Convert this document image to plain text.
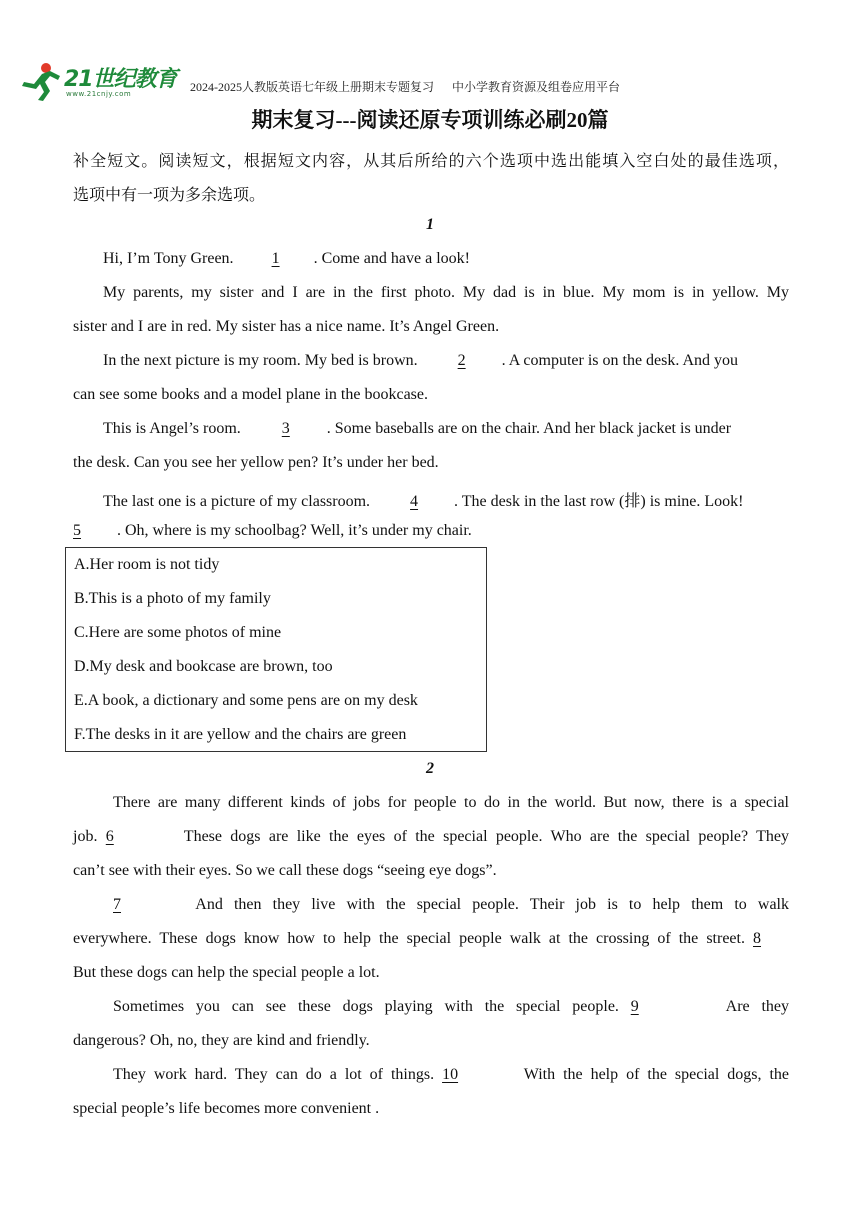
21世纪教育
www.21cnjy.com	2024-2025人教版英语七年级上册期末专题复习 中小学教育资源及组卷应用平台
期末复习---阅读还原专项训练必刷20篇
补全短文。阅读短文，根据短文内容，从其后所给的六个选项中选出能填入空白处的最佳选项，
选项中有一项为多余选项。
1
Hi, I’m Tony Green. 1 . Come and have a look!
My parents, my sister and I are in the first photo. My dad is in blue. My mom is in yellow. My
sister and I are in red. My sister has a nice name. It’s Angel Green.
In the next picture is my room. My bed is brown. 2 . A computer is on the desk. And you
can see some books and a model plane in the bookcase.
This is Angel’s room. 3 . Some baseballs are on the chair. And her black jacket is under
the desk. Can you see her yellow pen? It’s under her bed.
The last one is a picture of my classroom. 4 . The desk in the last row (排) is mine. Look!
5 . Oh, where is my schoolbag? Well, it’s under my chair.
A.Her room is not tidy
B.This is a photo of my family
C.Here are some photos of mine
D.My desk and bookcase are brown, too
E.A book, a dictionary and some pens are on my desk
F.The desks in it are yellow and the chairs are green
2
There are many different kinds of jobs for people to do in the world. But now, there is a special
job. 6	These dogs are like the eyes of the special people. Who are the special people? They
can’t see with their eyes. So we call these dogs “seeing eye dogs”.
7	And then they live with the special people. Their job is to help them to walk
everywhere. These dogs know how to help the special people walk at the crossing of the street. 8
But these dogs can help the special people a lot.
Sometimes you can see these dogs playing with the special people. 9	Are they
dangerous? Oh, no, they are kind and friendly.
They work hard. They can do a lot of things. 10	With the help of the special dogs, the
special people’s life becomes more convenient .
